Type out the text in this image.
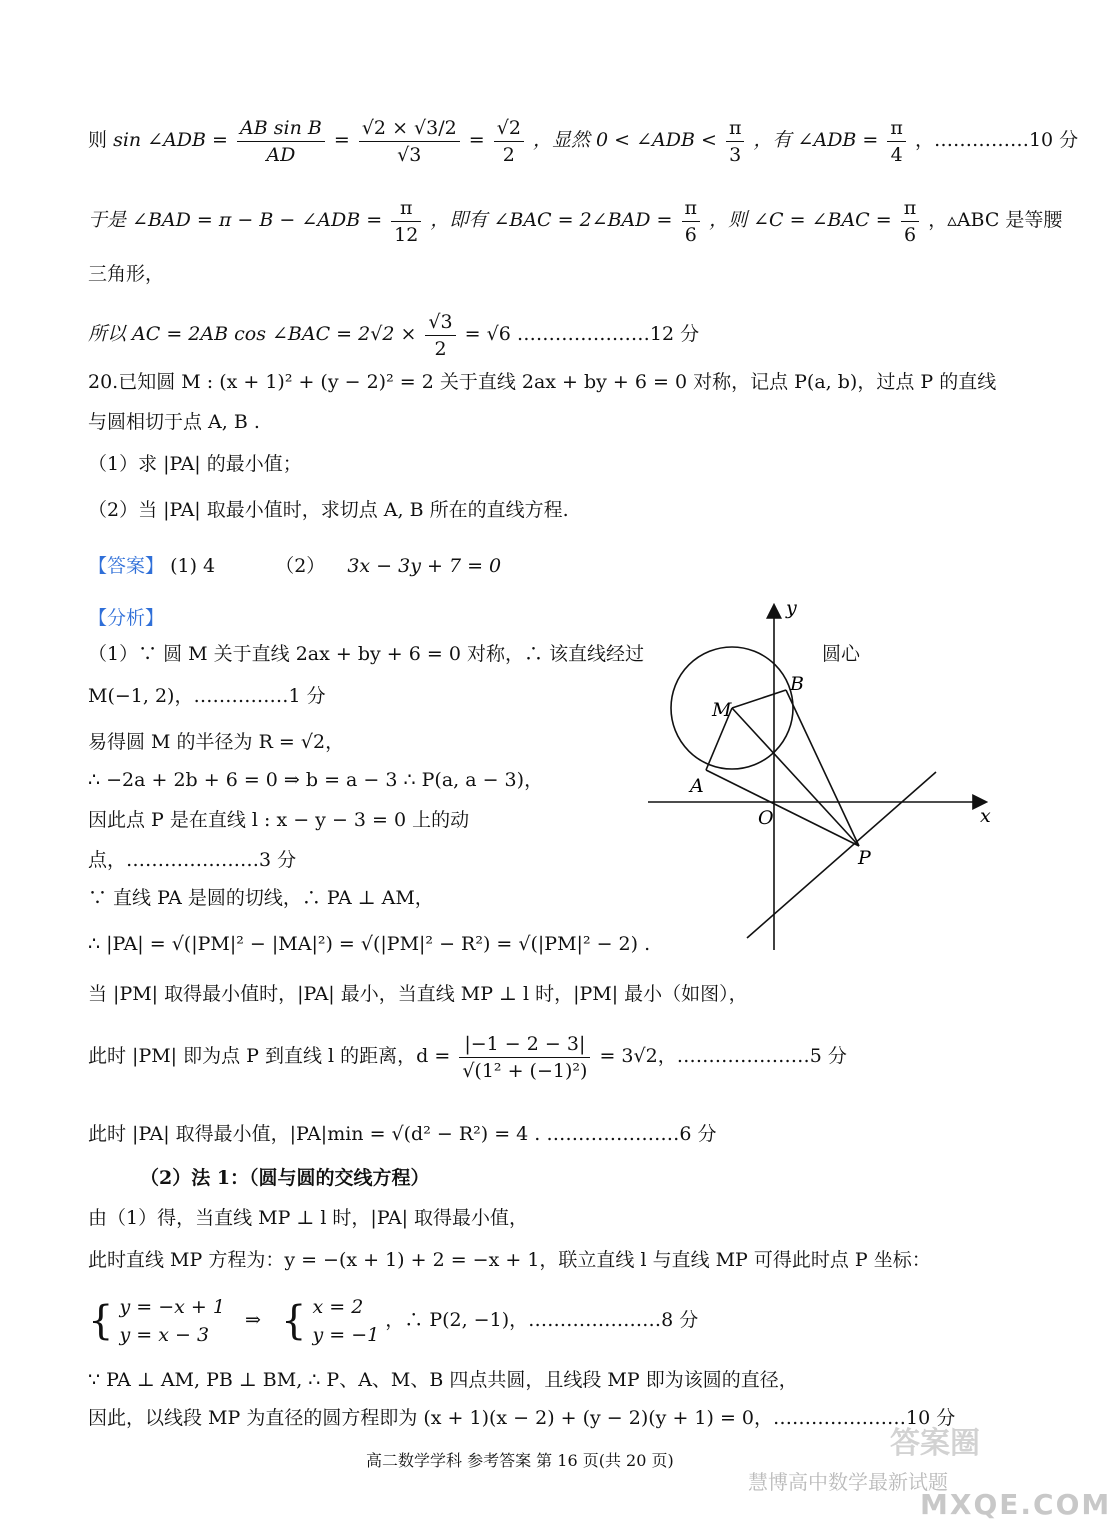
则 sin ∠ADB = $\frac{\text{AB sin B}}{AD} = \frac{√2 \times √3/2}{√3} = \frac{√2}{2}$ ，显然 0 < ∠ADB < $\frac{\pi}{3}$ ，有 ∠ADB = $\frac{\pi}{4}$ ，……………10 分
于是 ∠BAD = π − B − ∠ADB = $\frac{\pi}{12}$ ，即有 ∠BAC = 2∠BAD = $\frac{\pi}{6}$ ，则 ∠C = ∠BAC = $\frac{\pi}{6}$ ，▵ABC 是等腰
三角形，
所以 AC = 2AB cos ∠BAC = $2√2 \times \frac{√3}{2} = √6$ …………………12 分
20.已知圆 M : (x + 1)² + (y − 2)² = 2 关于直线 2ax + by + 6 = 0 对称，记点 P(a, b)，过点 P 的直线
与圆相切于点 A, B .
（1）求 |PA| 的最小值；
（2）当 |PA| 取最小值时，求切点 A, B 所在的直线方程.
【答案】 (1) 4	（2） 3x − 3y + 7 = 0
【分析】
（1）∵ 圆 M 关于直线 2ax + by + 6 = 0 对称，∴ 该直线经过	圆心
M(−1, 2)，……………1 分
易得圆 M 的半径为 R = √2，
∴ −2a + 2b + 6 = 0 ⇒ b = a − 3 ∴ P(a, a − 3)，
因此点 P 是在直线 l : x − y − 3 = 0 上的动
点，…………………3 分
∵ 直线 PA 是圆的切线，∴ PA ⊥ AM，
∴ |PA| = √(|PM|² − |MA|²) = √(|PM|² − R²) = √(|PM|² − 2) .
当 |PM| 取得最小值时，|PA| 最小，当直线 MP ⊥ l 时，|PM| 最小（如图），
此时 |PM| 即为点 P 到直线 l 的距离，$d = \frac{|-1 - 2 - 3|}{\text{√(1² + (−1)²)}} = 3√2$，…………………5 分
此时 |PA| 取得最小值，|PA|min = √(d² − R²) = 4 . …………………6 分
（2）法 1：（圆与圆的交线方程）
由（1）得，当直线 MP ⊥ l 时，|PA| 取得最小值，
此时直线 MP 方程为：y = −(x + 1) + 2 = −x + 1，联立直线 l 与直线 MP 可得此时点 P 坐标：
{ y = −x + 1
y = x − 3
⇒ { x = 2
y = −1
，∴ P(2, −1)，…………………8 分
∵ PA ⊥ AM, PB ⊥ BM, ∴ P、A、M、B 四点共圆，且线段 MP 即为该圆的直径，
因此，以线段 MP 为直径的圆方程即为 (x + 1)(x − 2) + (y − 2)(y + 1) = 0，…………………10 分
y
x
O
M
A
B
P
高二数学学科 参考答案 第 16 页(共 20 页)	答案圈
慧博高中数学最新试题
MXQE.COM
